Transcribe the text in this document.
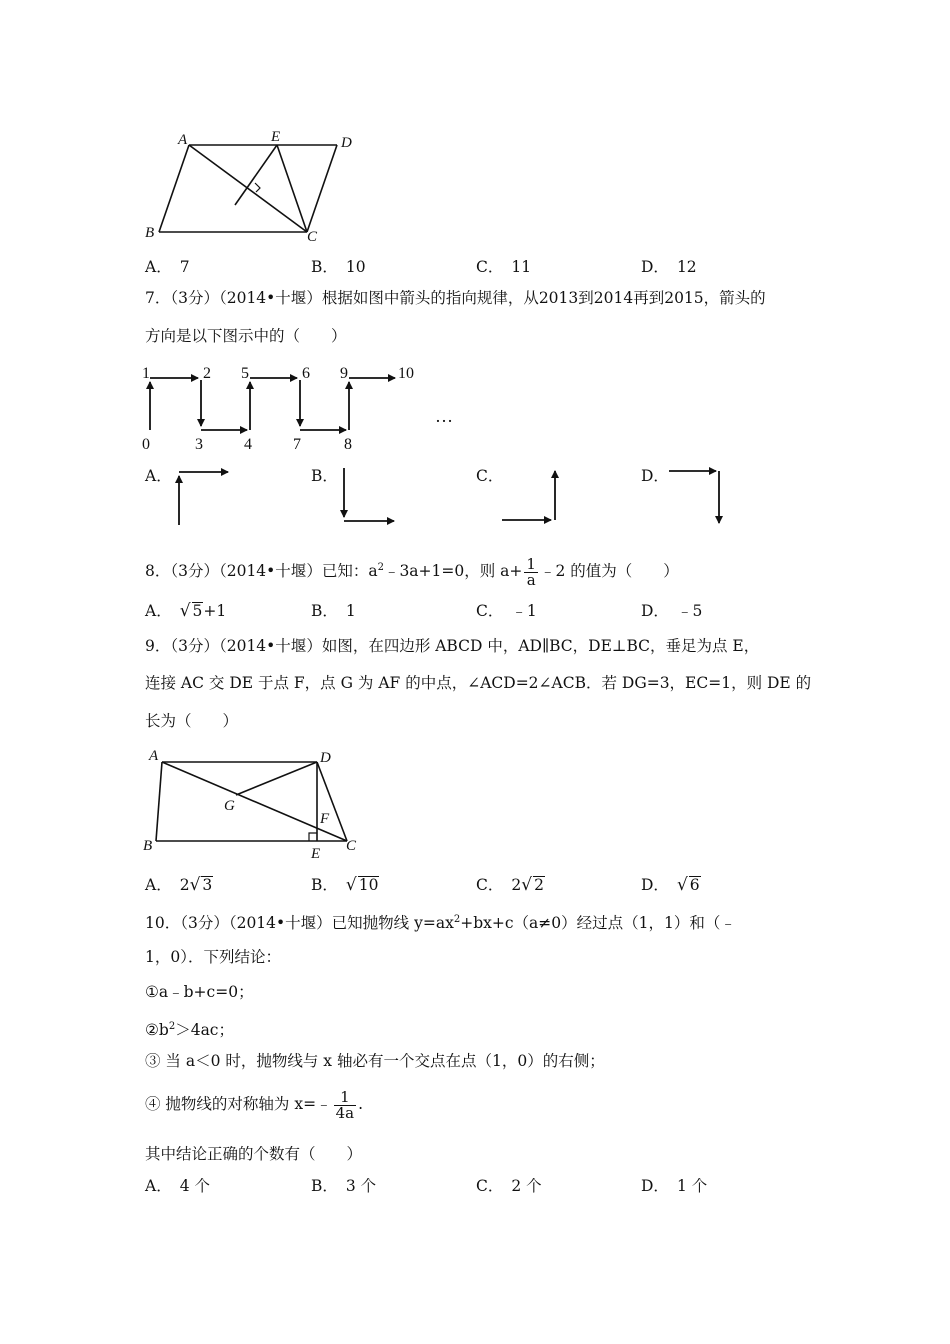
A	E	D
B	C
A． 7	B． 10	C． 11	D． 12
7．（3分）（2014•十堰）根据如图中箭头的指向规律，从2013到2014再到2015，箭头的
方向是以下图示中的（　　）
0
1	2
3	4
5	6
7	8
9	10
…
A．	B．	C．	D．
8．（3分）（2014•十堰）已知：$a^2﹣3a+1=0$，则 $a+ \frac{1}{a}$ ﹣2 的值为（　　）
A． √ 5+1	B． 1	C． ﹣1	D． ﹣5
9．（3分）（2014•十堰）如图，在四边形 ABCD 中，AD∥BC，DE⊥BC，垂足为点 E，
连接 AC 交 DE 于点 F，点 G 为 AF 的中点，∠ACD=2∠ACB．若 DG=3，EC=1，则 DE 的
长为（　　）
A	D
G
F
B	E C
A． 2√ 3	B． √ 10	C． 2√ 2	D． √ 6
10．（3分）（2014•十堰）已知抛物线 $y=ax^2+bx+c(a\ne 0)$经过点（1，1）和（﹣
1，0）．下列结论：
①a﹣b+c=0；
$②b^2>4ac$；
③ 当 a＜0 时，抛物线与 x 轴必有一个交点在点（1，0）的右侧；
④ 抛物线的对称轴为 x=﹣ $\frac{1}{4a}$ .
其中结论正确的个数有（　　）
A． 4 个	B． 3 个	C． 2 个	D． 1 个
